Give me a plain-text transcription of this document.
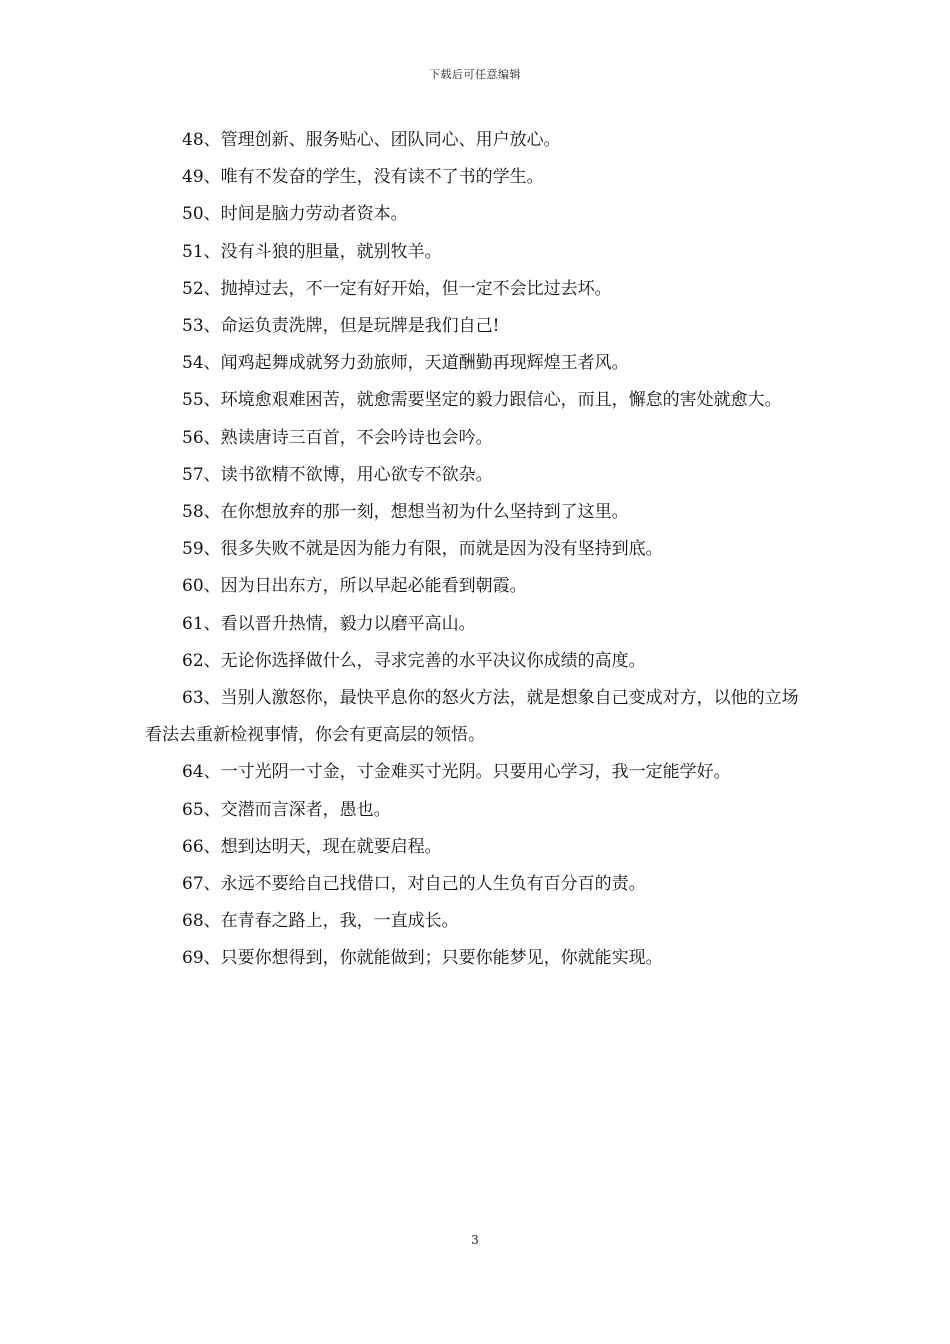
下载后可任意编辑

48、管理创新、服务贴心、团队同心、用户放心。

49、唯有不发奋的学生，没有读不了书的学生。

50、时间是脑力劳动者资本。

51、没有斗狼的胆量，就别牧羊。

52、抛掉过去，不一定有好开始，但一定不会比过去坏。

53、命运负责洗牌，但是玩牌是我们自己!

54、闻鸡起舞成就努力劲旅师，天道酬勤再现辉煌王者风。

55、环境愈艰难困苦，就愈需要坚定的毅力跟信心，而且，懈怠的害处就愈大。

56、熟读唐诗三百首，不会吟诗也会吟。

57、读书欲精不欲博，用心欲专不欲杂。

58、在你想放弃的那一刻，想想当初为什么坚持到了这里。

59、很多失败不就是因为能力有限，而就是因为没有坚持到底。

60、因为日出东方，所以早起必能看到朝霞。

61、看以晋升热情，毅力以磨平高山。

62、无论你选择做什么，寻求完善的水平决议你成绩的高度。

63、当别人激怒你，最快平息你的怒火方法，就是想象自己变成对方，以他的立场看法去重新检视事情，你会有更高层的领悟。

64、一寸光阴一寸金，寸金难买寸光阴。只要用心学习，我一定能学好。

65、交潜而言深者，愚也。

66、想到达明天，现在就要启程。

67、永远不要给自己找借口，对自己的人生负有百分百的责。

68、在青春之路上，我，一直成长。

69、只要你想得到，你就能做到；只要你能梦见，你就能实现。

3
